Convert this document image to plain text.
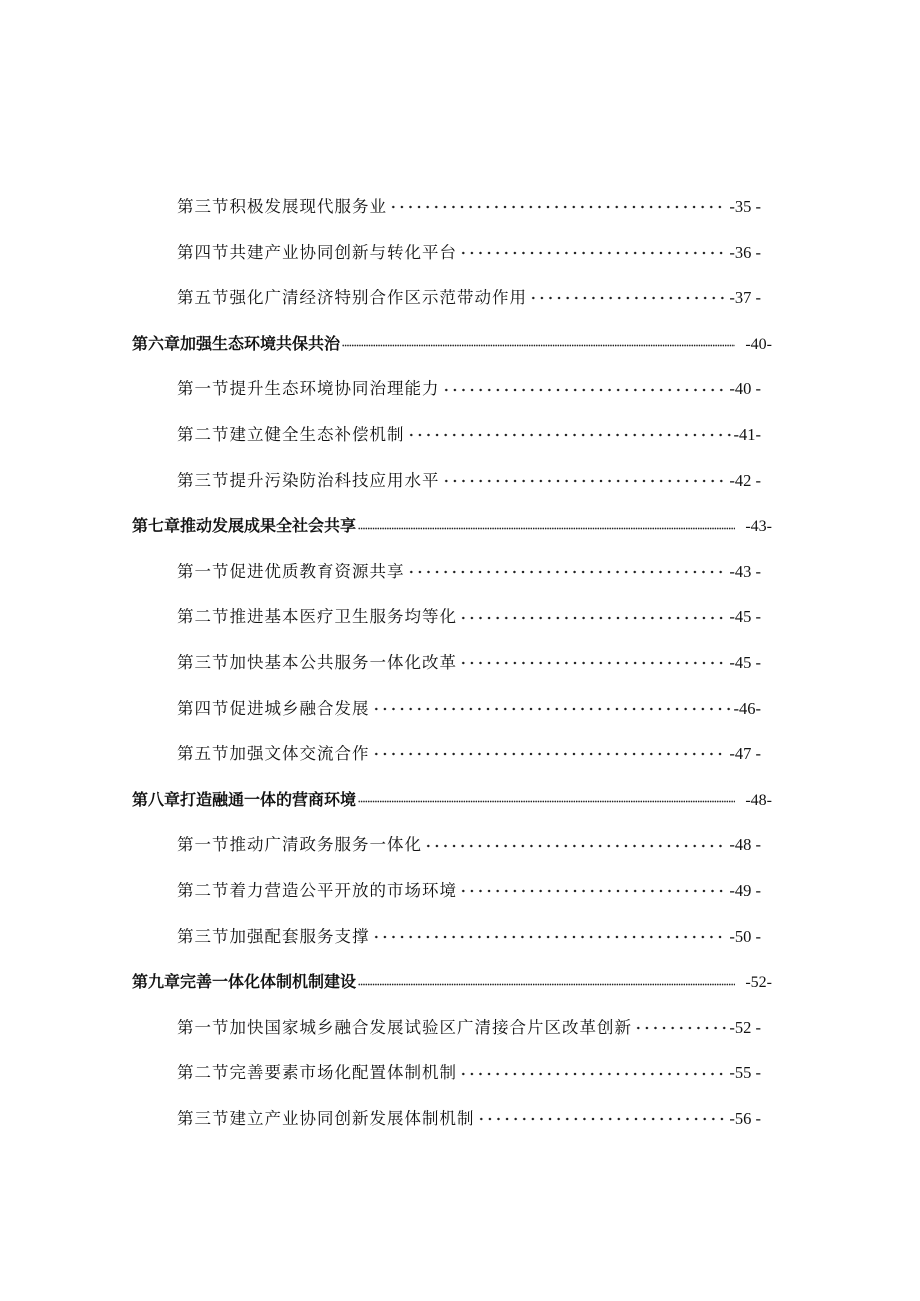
第三节积极发展现代服务业	-35 -
第四节共建产业协同创新与转化平台	-36 -
第五节强化广清经济特别合作区示范带动作用	-37 -
第六章加强生态环境共保共治	-40-
第一节提升生态环境协同治理能力	-40 -
第二节建立健全生态补偿机制	-41-
第三节提升污染防治科技应用水平	-42 -
第七章推动发展成果全社会共享	-43-
第一节促进优质教育资源共享	-43 -
第二节推进基本医疗卫生服务均等化	-45 -
第三节加快基本公共服务一体化改革	-45 -
第四节促进城乡融合发展	-46-
第五节加强文体交流合作	-47 -
第八章打造融通一体的营商环境	-48-
第一节推动广清政务服务一体化	-48 -
第二节着力营造公平开放的市场环境	-49 -
第三节加强配套服务支撑	-50 -
第九章完善一体化体制机制建设	-52-
第一节加快国家城乡融合发展试验区广清接合片区改革创新	-52 -
第二节完善要素市场化配置体制机制	-55 -
第三节建立产业协同创新发展体制机制	-56 -
